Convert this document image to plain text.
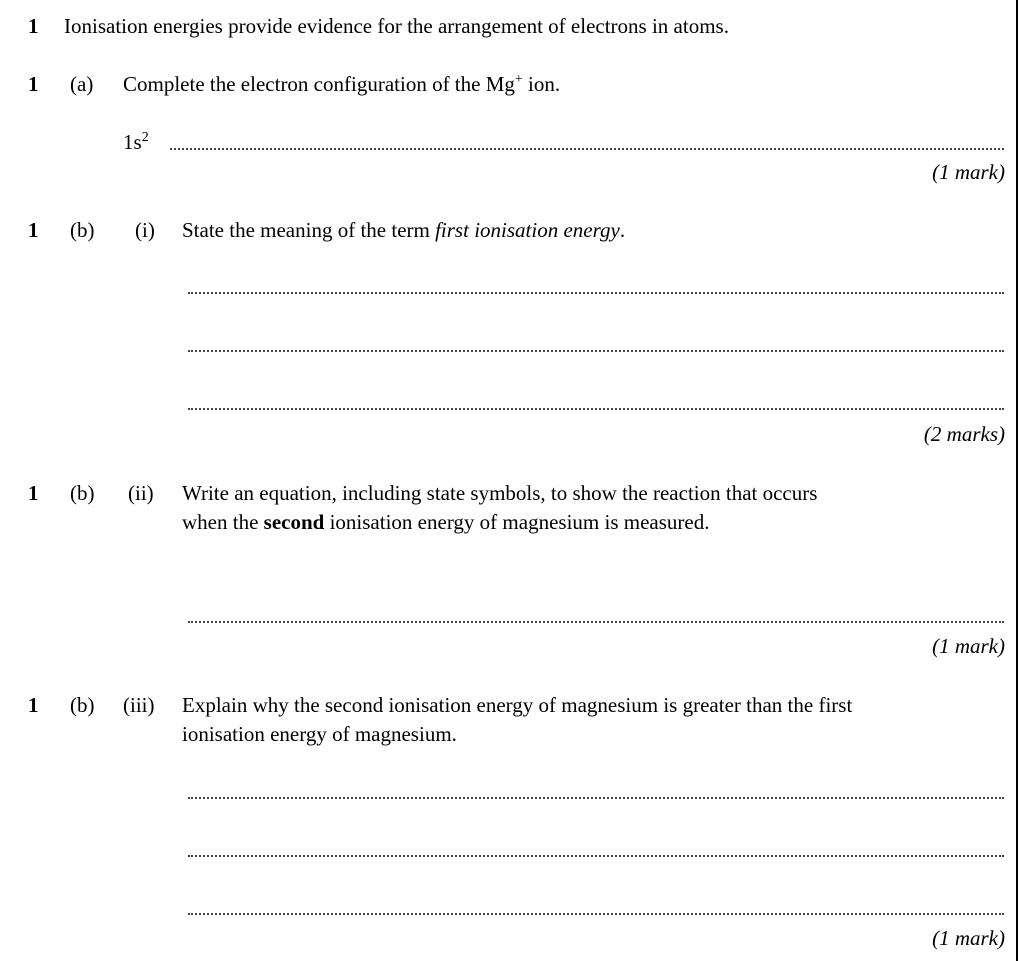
1 Ionisation energies provide evidence for the arrangement of electrons in atoms.
1 (a) Complete the electron configuration of the Mg+ ion.
$1s^2$
(1 mark)
1 (b) (i) State the meaning of the term first ionisation energy.
(2 marks)
1 (b) (ii) Write an equation, including state symbols, to show the reaction that occurs
when the second ionisation energy of magnesium is measured.
(1 mark)
1 (b) (iii) Explain why the second ionisation energy of magnesium is greater than the first
ionisation energy of magnesium.
(1 mark)
